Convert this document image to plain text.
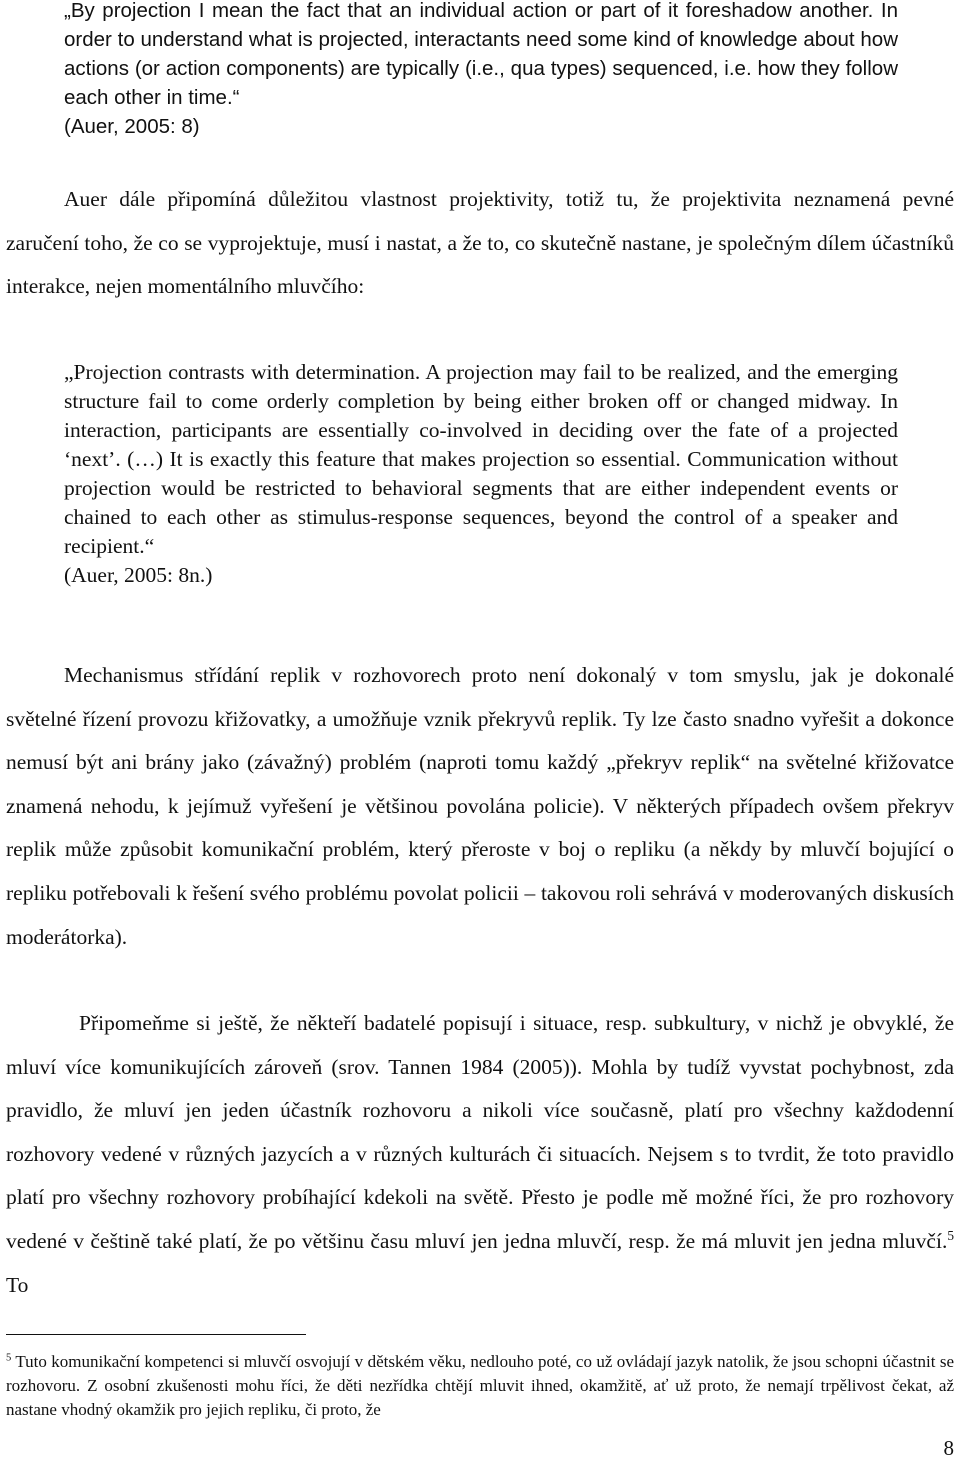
„By projection I mean the fact that an individual action or part of it foreshadow another. In order to understand what is projected, interactants need some kind of knowledge about how actions (or action components) are typically (i.e., qua types) sequenced, i.e. how they follow each other in time.“
(Auer, 2005: 8)

Auer dále připomíná důležitou vlastnost projektivity, totiž tu, že projektivita neznamená pevné zaručení toho, že co se vyprojektuje, musí i nastat, a že to, co skutečně nastane, je společným dílem účastníků interakce, nejen momentálního mluvčího:

„Projection contrasts with determination. A projection may fail to be realized, and the emerging structure fail to come orderly completion by being either broken off or changed midway. In interaction, participants are essentially co-involved in deciding over the fate of a projected ‘next’. (…) It is exactly this feature that makes projection so essential. Communication without projection would be restricted to behavioral segments that are either independent events or chained to each other as stimulus-response sequences, beyond the control of a speaker and recipient.“
(Auer, 2005: 8n.)

Mechanismus střídání replik v rozhovorech proto není dokonalý v tom smyslu, jak je dokonalé světelné řízení provozu křižovatky, a umožňuje vznik překryvů replik. Ty lze často snadno vyřešit a dokonce nemusí být ani brány jako (závažný) problém (naproti tomu každý „překryv replik“ na světelné křižovatce znamená nehodu, k jejímuž vyřešení je většinou povolána policie). V některých případech ovšem překryv replik může způsobit komunikační problém, který přeroste v boj o repliku (a někdy by mluvčí bojující o repliku potřebovali k řešení svého problému povolat policii – takovou roli sehrává v moderovaných diskusích moderátorka).

Připomeňme si ještě, že někteří badatelé popisují i situace, resp. subkultury, v nichž je obvyklé, že mluví více komunikujících zároveň (srov. Tannen 1984 (2005)). Mohla by tudíž vyvstat pochybnost, zda pravidlo, že mluví jen jeden účastník rozhovoru a nikoli více současně, platí pro všechny každodenní rozhovory vedené v různých jazycích a v různých kulturách či situacích. Nejsem s to tvrdit, že toto pravidlo platí pro všechny rozhovory probíhající kdekoli na světě. Přesto je podle mě možné říci, že pro rozhovory vedené v češtině také platí, že po většinu času mluví jen jedna mluvčí, resp. že má mluvit jen jedna mluvčí.$^5$ To

$^5$ Tuto komunikační kompetenci si mluvčí osvojují v dětském věku, nedlouho poté, co už ovládají jazyk natolik, že jsou schopni účastnit se rozhovoru. Z osobní zkušenosti mohu říci, že děti nezřídka chtějí mluvit ihned, okamžitě, ať už proto, že nemají trpělivost čekat, až nastane vhodný okamžik pro jejich repliku, či proto, že
8
